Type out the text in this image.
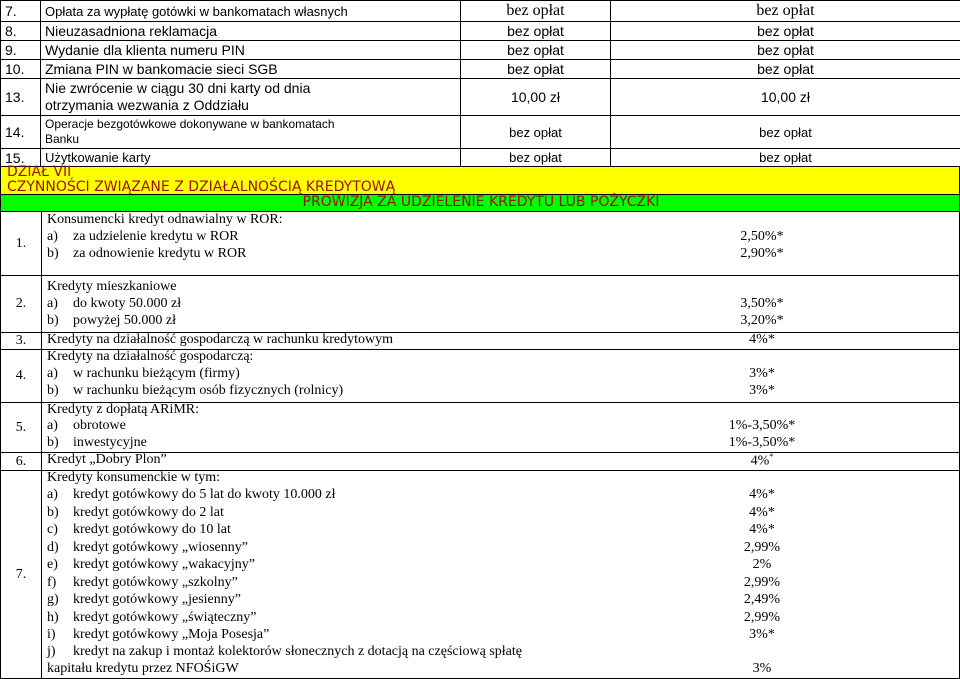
7.	Opłata za wypłatę gotówki w bankomatach własnych	bez opłat	bez opłat
8.	Nieuzasadniona reklamacja	bez opłat	bez opłat
9.	Wydanie dla klienta numeru PIN	bez opłat	bez opłat
10.	Zmiana PIN w bankomacie sieci SGB	bez opłat	bez opłat
13.	Nie zwrócenie w ciągu 30 dni karty od dnia
otrzymania wezwania z Oddziału	10,00 zł	10,00 zł
14.	Operacje bezgotówkowe dokonywane w bankomatach
Banku	bez opłat	bez opłat
15.	Użytkowanie karty	bez opłat	bez opłat
DZIAŁ VII
CZYNNOŚCI ZWIĄZANE Z DZIAŁALNOŚCIĄ KREDYTOWĄ
PROWIZJA ZA UDZIELENIE KREDYTU LUB POŻYCZKI
1.
Konsumencki kredyt odnawialny w ROR:
a) za udzielenie kredytu w ROR	2,50%*
b) za odnowienie kredytu w ROR	2,90%*
2.
Kredyty mieszkaniowe
a) do kwoty 50.000 zł	3,50%*
b) powyżej 50.000 zł	3,20%*
3.	Kredyty na działalność gospodarczą w rachunku kredytowym	4%*
4.
Kredyty na działalność gospodarczą:
a) w rachunku bieżącym (firmy)	3%*
b) w rachunku bieżącym osób fizycznych (rolnicy)	3%*
5.
Kredyty z dopłatą ARiMR:
a) obrotowe	1%-3,50%*
b) inwestycyjne	1%-3,50%*
6.	Kredyt „Dobry Plon”	4%*
7.
Kredyty konsumenckie w tym:
a) kredyt gotówkowy do 5 lat do kwoty 10.000 zł	4%*
b) kredyt gotówkowy do 2 lat	4%*
c) kredyt gotówkowy do 10 lat	4%*
d) kredyt gotówkowy „wiosenny”	2,99%
e) kredyt gotówkowy „wakacyjny”	2%
f) kredyt gotówkowy „szkolny”	2,99%
g) kredyt gotówkowy „jesienny”	2,49%
h) kredyt gotówkowy „świąteczny”	2,99%
i) kredyt gotówkowy „Moja Posesja”	3%*
j) kredyt na zakup i montaż kolektorów słonecznych z dotacją na częściową spłatę
kapitału kredytu przez NFOŚiGW	3%
